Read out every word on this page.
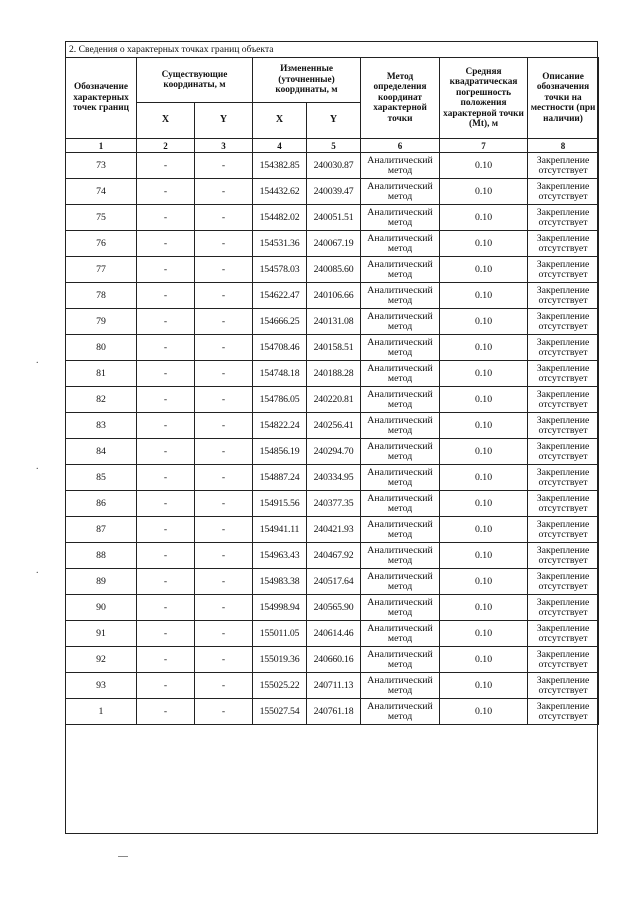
2. Сведения о характерных точках границ объекта
Обозначение характерных точек границ	Существующие координаты, м		Измененные (уточненные) координаты, м		Метод определения координат характерной точки	Средняя квадратическая погрешность положения характерной точки (Mt), м	Описание обозначения точки на местности (при наличии)
	X	Y	X	Y			
1	2	3	4	5	6	7	8
73	-	-	154382.85	240030.87	Аналитический метод	0.10	Закрепление отсутствует
74	-	-	154432.62	240039.47	Аналитический метод	0.10	Закрепление отсутствует
75	-	-	154482.02	240051.51	Аналитический метод	0.10	Закрепление отсутствует
76	-	-	154531.36	240067.19	Аналитический метод	0.10	Закрепление отсутствует
77	-	-	154578.03	240085.60	Аналитический метод	0.10	Закрепление отсутствует
78	-	-	154622.47	240106.66	Аналитический метод	0.10	Закрепление отсутствует
79	-	-	154666.25	240131.08	Аналитический метод	0.10	Закрепление отсутствует
80	-	-	154708.46	240158.51	Аналитический метод	0.10	Закрепление отсутствует
81	-	-	154748.18	240188.28	Аналитический метод	0.10	Закрепление отсутствует
82	-	-	154786.05	240220.81	Аналитический метод	0.10	Закрепление отсутствует
83	-	-	154822.24	240256.41	Аналитический метод	0.10	Закрепление отсутствует
84	-	-	154856.19	240294.70	Аналитический метод	0.10	Закрепление отсутствует
85	-	-	154887.24	240334.95	Аналитический метод	0.10	Закрепление отсутствует
86	-	-	154915.56	240377.35	Аналитический метод	0.10	Закрепление отсутствует
87	-	-	154941.11	240421.93	Аналитический метод	0.10	Закрепление отсутствует
88	-	-	154963.43	240467.92	Аналитический метод	0.10	Закрепление отсутствует
89	-	-	154983.38	240517.64	Аналитический метод	0.10	Закрепление отсутствует
90	-	-	154998.94	240565.90	Аналитический метод	0.10	Закрепление отсутствует
91	-	-	155011.05	240614.46	Аналитический метод	0.10	Закрепление отсутствует
92	-	-	155019.36	240660.16	Аналитический метод	0.10	Закрепление отсутствует
93	-	-	155025.22	240711.13	Аналитический метод	0.10	Закрепление отсутствует
1	-	-	155027.54	240761.18	Аналитический метод	0.10	Закрепление отсутствует
.
.
.
